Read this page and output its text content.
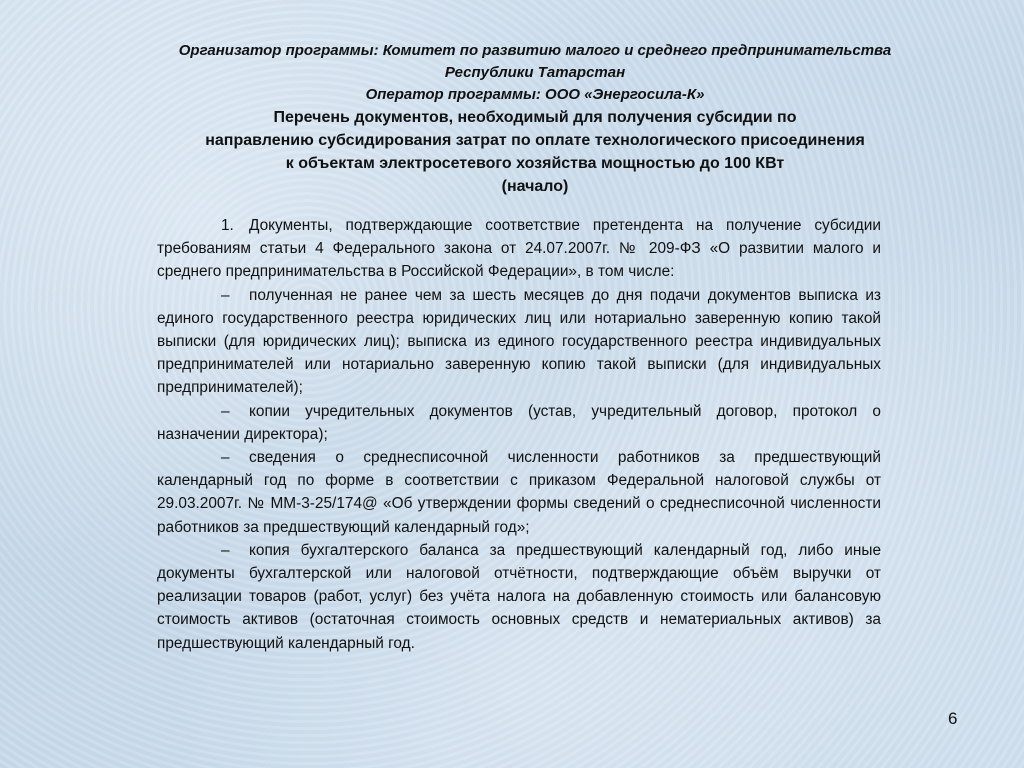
Организатор программы: Комитет по развитию малого и среднего предпринимательства
Республики Татарстан
Оператор программы: ООО «Энергосила-К»
Перечень документов, необходимый для получения субсидии по
направлению субсидирования затрат по оплате технологического присоединения
к объектам электросетевого хозяйства мощностью до 100 КВт
(начало)

1. Документы, подтверждающие соответствие претендента на получение субсидии требованиям статьи 4 Федерального закона от 24.07.2007г. № 209-ФЗ «О развитии малого и среднего предпринимательства в Российской Федерации», в том числе:

– полученная не ранее чем за шесть месяцев до дня подачи документов выписка из единого государственного реестра юридических лиц или нотариально заверенную копию такой выписки (для юридических лиц); выписка из единого государственного реестра индивидуальных предпринимателей или нотариально заверенную копию такой выписки (для индивидуальных предпринимателей);

– копии учредительных документов (устав, учредительный договор, протокол о назначении директора);

– сведения о среднесписочной численности работников за предшествующий календарный год по форме в соответствии с приказом Федеральной налоговой службы от 29.03.2007г. № ММ-3-25/174@ «Об утверждении формы сведений о среднесписочной численности работников за предшествующий календарный год»;

– копия бухгалтерского баланса за предшествующий календарный год, либо иные документы бухгалтерской или налоговой отчётности, подтверждающие объём выручки от реализации товаров (работ, услуг) без учёта налога на добавленную стоимость или балансовую стоимость активов (остаточная стоимость основных средств и нематериальных активов) за предшествующий календарный год.

6
